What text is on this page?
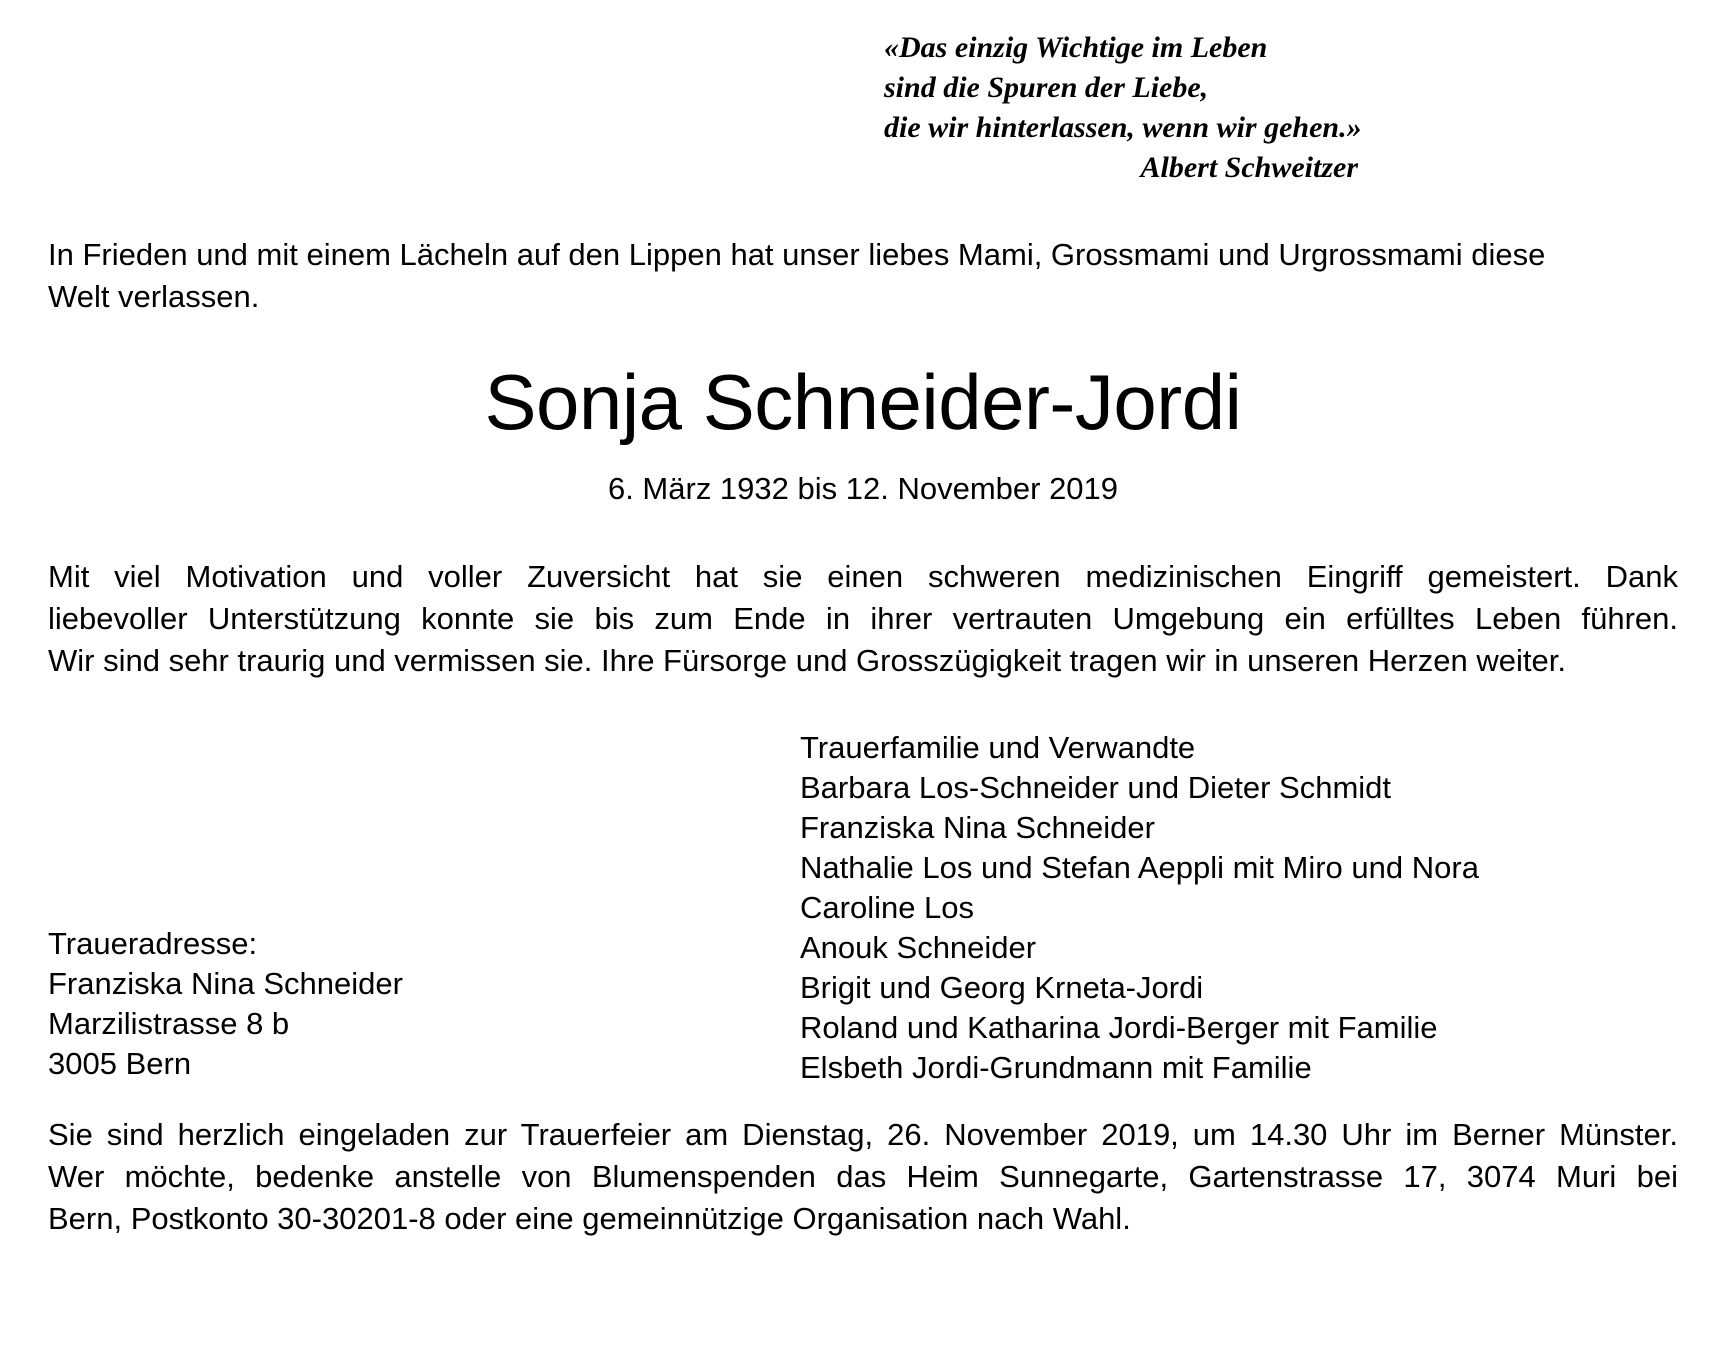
«Das einzig Wichtige im Leben
sind die Spuren der Liebe,
die wir hinterlassen, wenn wir gehen.»
Albert Schweitzer
In Frieden und mit einem Lächeln auf den Lippen hat unser liebes Mami, Grossmami und Urgrossmami diese
Welt verlassen.
Sonja Schneider-Jordi
6. März 1932 bis 12. November 2019
Mit viel Motivation und voller Zuversicht hat sie einen schweren medizinischen Eingriff gemeistert. Dank
liebevoller Unterstützung konnte sie bis zum Ende in ihrer vertrauten Umgebung ein erfülltes Leben führen.
Wir sind sehr traurig und vermissen sie. Ihre Fürsorge und Grosszügigkeit tragen wir in unseren Herzen weiter.
Traueradresse:
Franziska Nina Schneider
Marzilistrasse 8 b
3005 Bern
Trauerfamilie und Verwandte
Barbara Los-Schneider und Dieter Schmidt
Franziska Nina Schneider
Nathalie Los und Stefan Aeppli mit Miro und Nora
Caroline Los
Anouk Schneider
Brigit und Georg Krneta-Jordi
Roland und Katharina Jordi-Berger mit Familie
Elsbeth Jordi-Grundmann mit Familie
Sie sind herzlich eingeladen zur Trauerfeier am Dienstag, 26. November 2019, um 14.30 Uhr im Berner Münster.
Wer möchte, bedenke anstelle von Blumenspenden das Heim Sunnegarte, Gartenstrasse 17, 3074 Muri bei
Bern, Postkonto 30-30201-8 oder eine gemeinnützige Organisation nach Wahl.
